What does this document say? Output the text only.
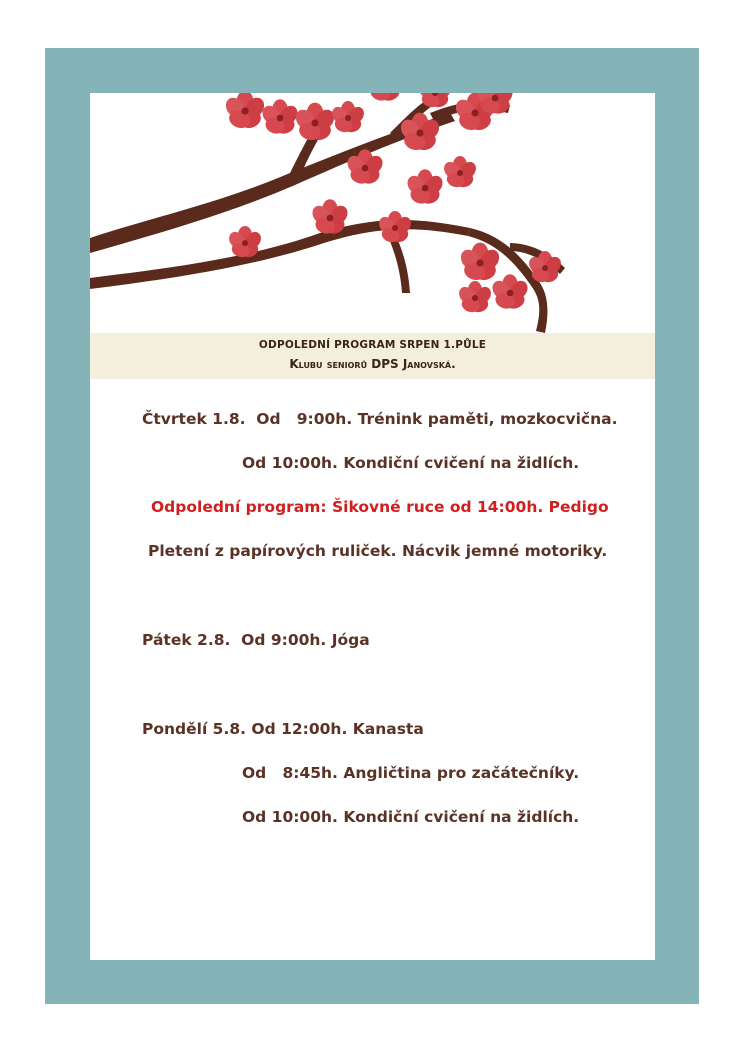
ODPOLEDNÍ PROGRAM SRPEN 1.PŮLE
Klubu seniorů DPS Janovská.
Čtvrtek 1.8.  Od   9:00h. Trénink paměti, mozkocvična.
Od 10:00h. Kondiční cvičení na židlích.
Odpolední program: Šikovné ruce od 14:00h. Pedigo
Pletení z papírových ruliček. Nácvik jemné motoriky.
Pátek 2.8.  Od 9:00h. Jóga
Pondělí 5.8. Od 12:00h. Kanasta
Od   8:45h. Angličtina pro začátečníky.
Od 10:00h. Kondiční cvičení na židlích.
